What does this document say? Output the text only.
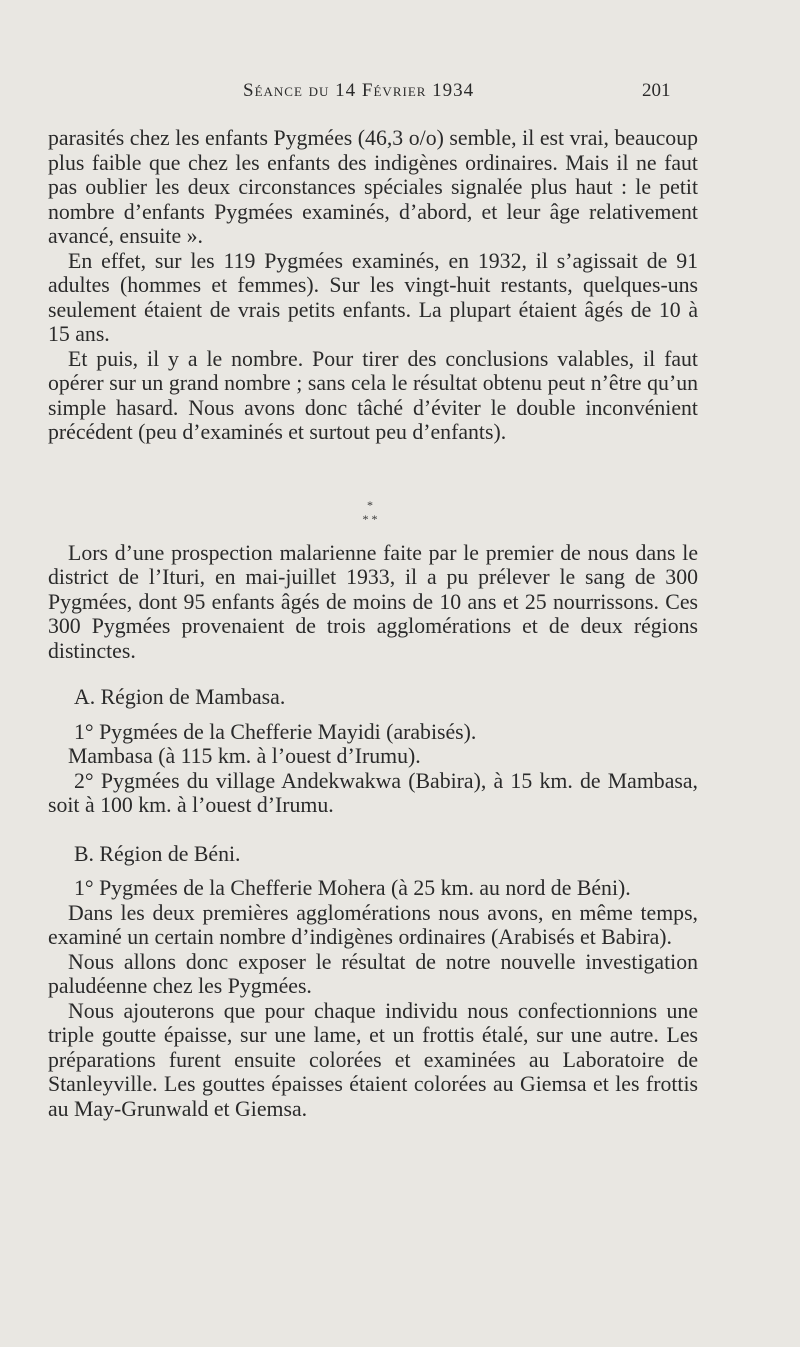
Séance du 14 Février 1934	201

parasités chez les enfants Pygmées (46,3 o/o) semble, il est vrai, beaucoup plus faible que chez les enfants des indigènes ordinaires. Mais il ne faut pas oublier les deux circonstances spéciales signalée plus haut : le petit nombre d’enfants Pygmées examinés, d’abord, et leur âge relativement avancé, ensuite ».

En effet, sur les 119 Pygmées examinés, en 1932, il s’agissait de 91 adultes (hommes et femmes). Sur les vingt-huit restants, quelques-uns seulement étaient de vrais petits enfants. La plupart étaient âgés de 10 à 15 ans.

Et puis, il y a le nombre. Pour tirer des conclusions valables, il faut opérer sur un grand nombre ; sans cela le résultat obtenu peut n’être qu’un simple hasard. Nous avons donc tâché d’éviter le double inconvénient précédent (peu d’examinés et surtout peu d’enfants).

Lors d’une prospection malarienne faite par le premier de nous dans le district de l’Ituri, en mai-juillet 1933, il a pu prélever le sang de 300 Pygmées, dont 95 enfants âgés de moins de 10 ans et 25 nourrissons. Ces 300 Pygmées provenaient de trois agglomérations et de deux régions distinctes.

A. Région de Mambasa.

1° Pygmées de la Chefferie Mayidi (arabisés).

Mambasa (à 115 km. à l’ouest d’Irumu).

2° Pygmées du village Andekwakwa (Babira), à 15 km. de Mambasa, soit à 100 km. à l’ouest d’Irumu.

B. Région de Béni.

1° Pygmées de la Chefferie Mohera (à 25 km. au nord de Béni).

Dans les deux premières agglomérations nous avons, en même temps, examiné un certain nombre d’indigènes ordinaires (Arabisés et Babira).

Nous allons donc exposer le résultat de notre nouvelle investigation paludéenne chez les Pygmées.

Nous ajouterons que pour chaque individu nous confectionnions une triple goutte épaisse, sur une lame, et un frottis étalé, sur une autre. Les préparations furent ensuite colorées et examinées au Laboratoire de Stanleyville. Les gouttes épaisses étaient colorées au Giemsa et les frottis au May-Grunwald et Giemsa.

*
* *
